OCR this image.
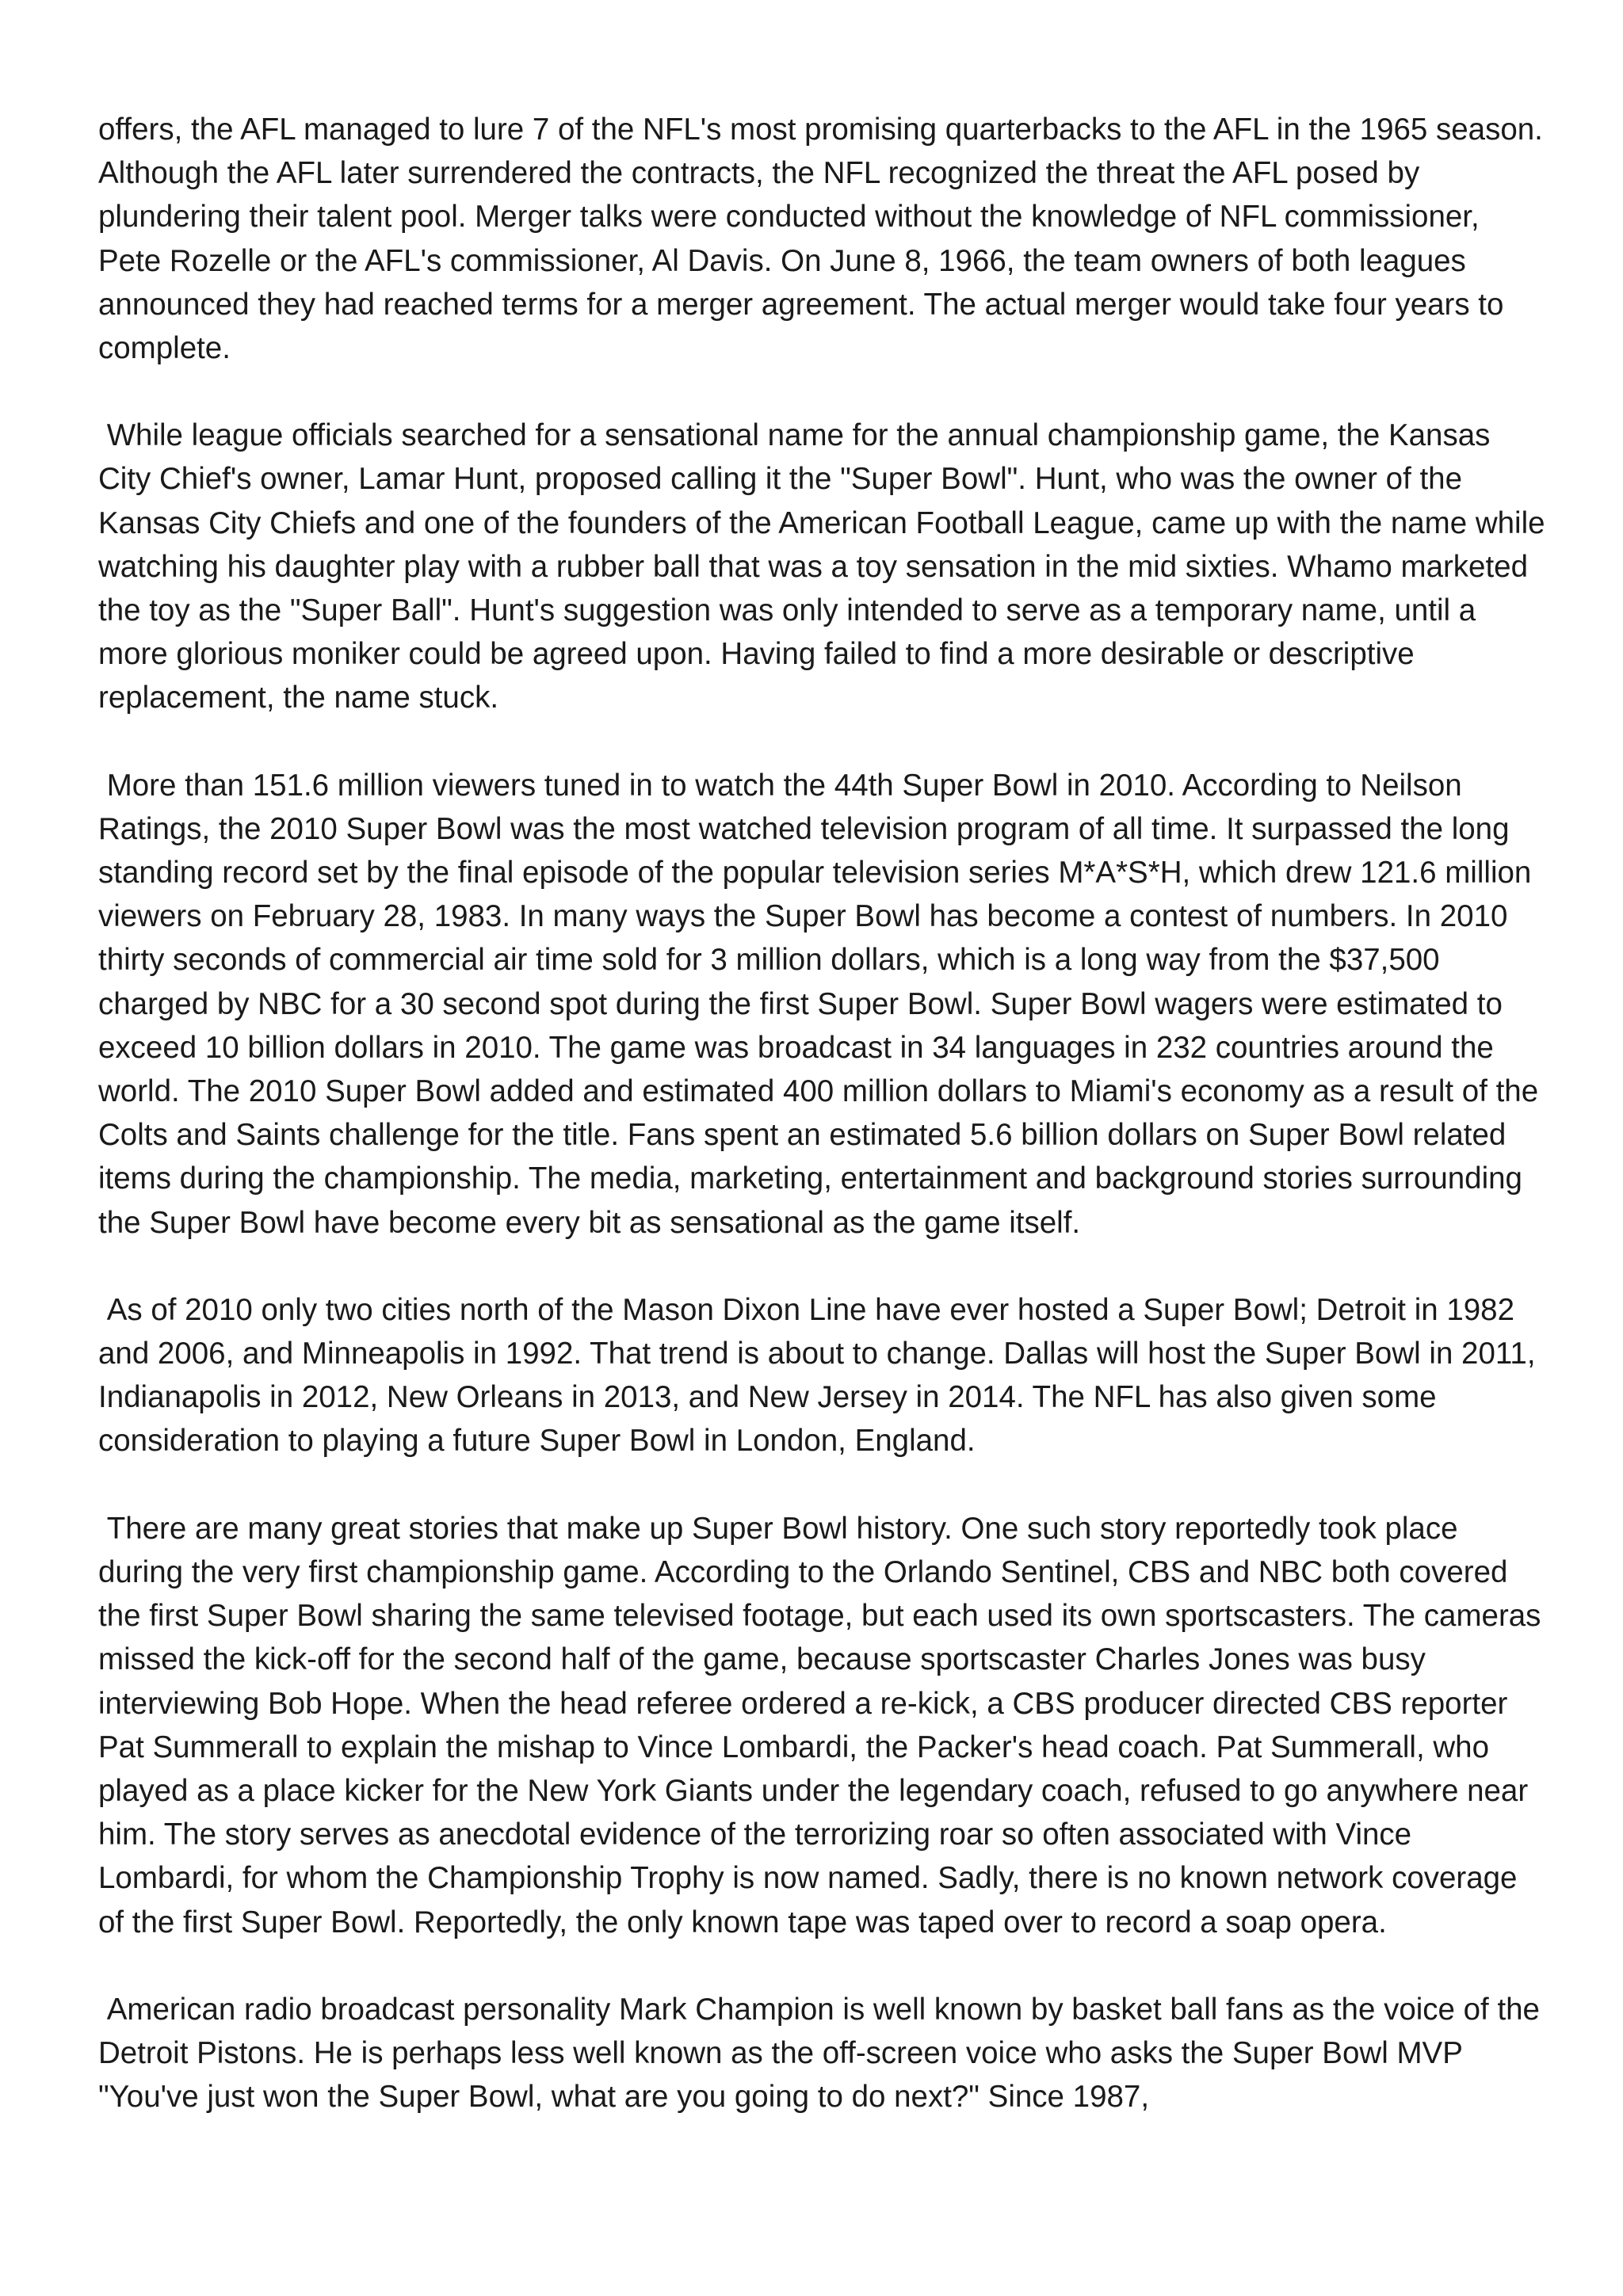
offers, the AFL managed to lure 7 of the NFL's most promising quarterbacks to the AFL in the 1965 season. Although the AFL later surrendered the contracts, the NFL recognized the threat the AFL posed by plundering their talent pool. Merger talks were conducted without the knowledge of NFL commissioner, Pete Rozelle or the AFL's commissioner, Al Davis. On June 8, 1966, the team owners of both leagues announced they had reached terms for a merger agreement. The actual merger would take four years to complete.

While league officials searched for a sensational name for the annual championship game, the Kansas City Chief's owner, Lamar Hunt, proposed calling it the "Super Bowl". Hunt, who was the owner of the Kansas City Chiefs and one of the founders of the American Football League, came up with the name while watching his daughter play with a rubber ball that was a toy sensation in the mid sixties. Whamo marketed the toy as the "Super Ball". Hunt's suggestion was only intended to serve as a temporary name, until a more glorious moniker could be agreed upon. Having failed to find a more desirable or descriptive replacement, the name stuck.

More than 151.6 million viewers tuned in to watch the 44th Super Bowl in 2010. According to Neilson Ratings, the 2010 Super Bowl was the most watched television program of all time. It surpassed the long standing record set by the final episode of the popular television series M*A*S*H, which drew 121.6 million viewers on February 28, 1983. In many ways the Super Bowl has become a contest of numbers. In 2010 thirty seconds of commercial air time sold for 3 million dollars, which is a long way from the $37,500 charged by NBC for a 30 second spot during the first Super Bowl. Super Bowl wagers were estimated to exceed 10 billion dollars in 2010. The game was broadcast in 34 languages in 232 countries around the world. The 2010 Super Bowl added and estimated 400 million dollars to Miami's economy as a result of the Colts and Saints challenge for the title. Fans spent an estimated 5.6 billion dollars on Super Bowl related items during the championship. The media, marketing, entertainment and background stories surrounding the Super Bowl have become every bit as sensational as the game itself.

As of 2010 only two cities north of the Mason Dixon Line have ever hosted a Super Bowl; Detroit in 1982 and 2006, and Minneapolis in 1992. That trend is about to change. Dallas will host the Super Bowl in 2011, Indianapolis in 2012, New Orleans in 2013, and New Jersey in 2014. The NFL has also given some consideration to playing a future Super Bowl in London, England.

There are many great stories that make up Super Bowl history. One such story reportedly took place during the very first championship game. According to the Orlando Sentinel, CBS and NBC both covered the first Super Bowl sharing the same televised footage, but each used its own sportscasters. The cameras missed the kick-off for the second half of the game, because sportscaster Charles Jones was busy interviewing Bob Hope. When the head referee ordered a re-kick, a CBS producer directed CBS reporter Pat Summerall to explain the mishap to Vince Lombardi, the Packer's head coach. Pat Summerall, who played as a place kicker for the New York Giants under the legendary coach, refused to go anywhere near him. The story serves as anecdotal evidence of the terrorizing roar so often associated with Vince Lombardi, for whom the Championship Trophy is now named. Sadly, there is no known network coverage of the first Super Bowl. Reportedly, the only known tape was taped over to record a soap opera.

American radio broadcast personality Mark Champion is well known by basket ball fans as the voice of the Detroit Pistons. He is perhaps less well known as the off-screen voice who asks the Super Bowl MVP "You've just won the Super Bowl, what are you going to do next?" Since 1987,
